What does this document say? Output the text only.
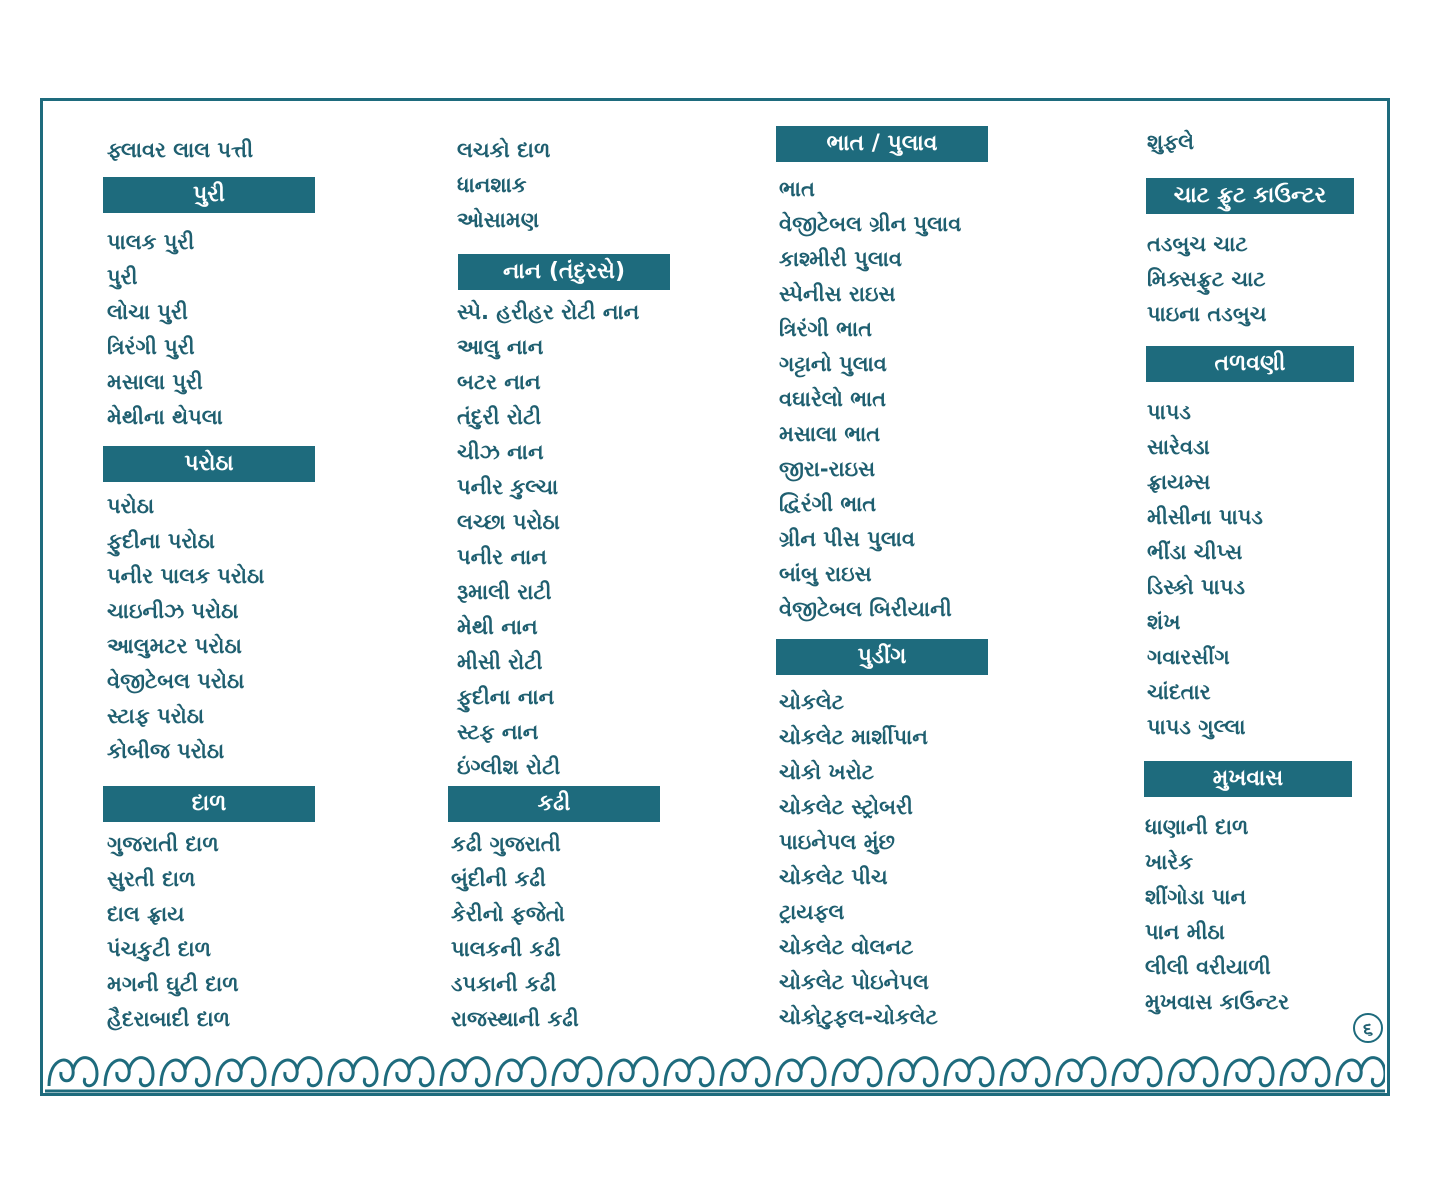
ફ્લાવર લાલ પત્તી
પુરી
પાલક પુરી
પુરી
લોચા પુરી
ત્રિરંગી પુરી
મસાલા પુરી
મેથીના થેપલા
પરોઠા
પરોઠા
ફુદીના પરોઠા
પનીર પાલક પરોઠા
ચાઇનીઝ પરોઠા
આલુમટર પરોઠા
વેજીટેબલ પરોઠા
સ્ટાફ પરોઠા
કોબીજ પરોઠા
દાળ
ગુજરાતી દાળ
સુરતી દાળ
દાલ ફ્રાય
પંચકુટી દાળ
મગની ઘુટી દાળ
હૈદરાબાદી દાળ
લચકો દાળ
ધાનશાક
ઓસામણ
નાન (તંદુરસે)
સ્પે. હરીહર રોટી નાન
આલુ નાન
બટર નાન
તંદુરી રોટી
ચીઝ નાન
પનીર કુલ્ચા
લચ્છા પરોઠા
પનીર નાન
રૂમાલી રાટી
મેથી નાન
મીસી રોટી
ફુદીના નાન
સ્ટફ નાન
ઇંગ્લીશ રોટી
કઢી
કઢી ગુજરાતી
બુંદીની કઢી
કેરીનો ફજેતો
પાલકની કઢી
ડપકાની કઢી
રાજસ્થાની કઢી
ભાત / પુલાવ
ભાત
વેજીટેબલ ગ્રીન પુલાવ
કાશ્મીરી પુલાવ
સ્પેનીસ રાઇસ
ત્રિરંગી ભાત
ગટ્ટાનો પુલાવ
વઘારેલો ભાત
મસાલા ભાત
જીરા-રાઇસ
દ્વિરંગી ભાત
ગ્રીન પીસ પુલાવ
બાંબુ રાઇસ
વેજીટેબલ બિરીયાની
પુડીંગ
ચોકલેટ
ચોકલેટ માર્શીપાન
ચોકો ખરોટ
ચોકલેટ સ્ટ્રોબરી
પાઇનેપલ મુંછ
ચોકલેટ પીચ
ટ્રાયફલ
ચોકલેટ વોલનટ
ચોકલેટ પોઇનેપલ
ચોકોટુફલ-ચોકલેટ
શુફલે
ચાટ ફ્રુટ કાઉન્ટર
તડબુચ ચાટ
મિક્સફ્રુટ ચાટ
પાઇના તડબુચ
તળવણી
પાપડ
સારેવડા
ફ્રાયમ્સ
મીસીના પાપડ
ભીંડા ચીપ્સ
ડિસ્કો પાપડ
શંખ
ગવારસીંગ
ચાંદતાર
પાપડ ગુલ્લા
મુખવાસ
ધાણાની દાળ
ખારેક
શીંગોડા પાન
પાન મીઠા
લીલી વરીયાળી
મુખવાસ કાઉન્ટર
૬
